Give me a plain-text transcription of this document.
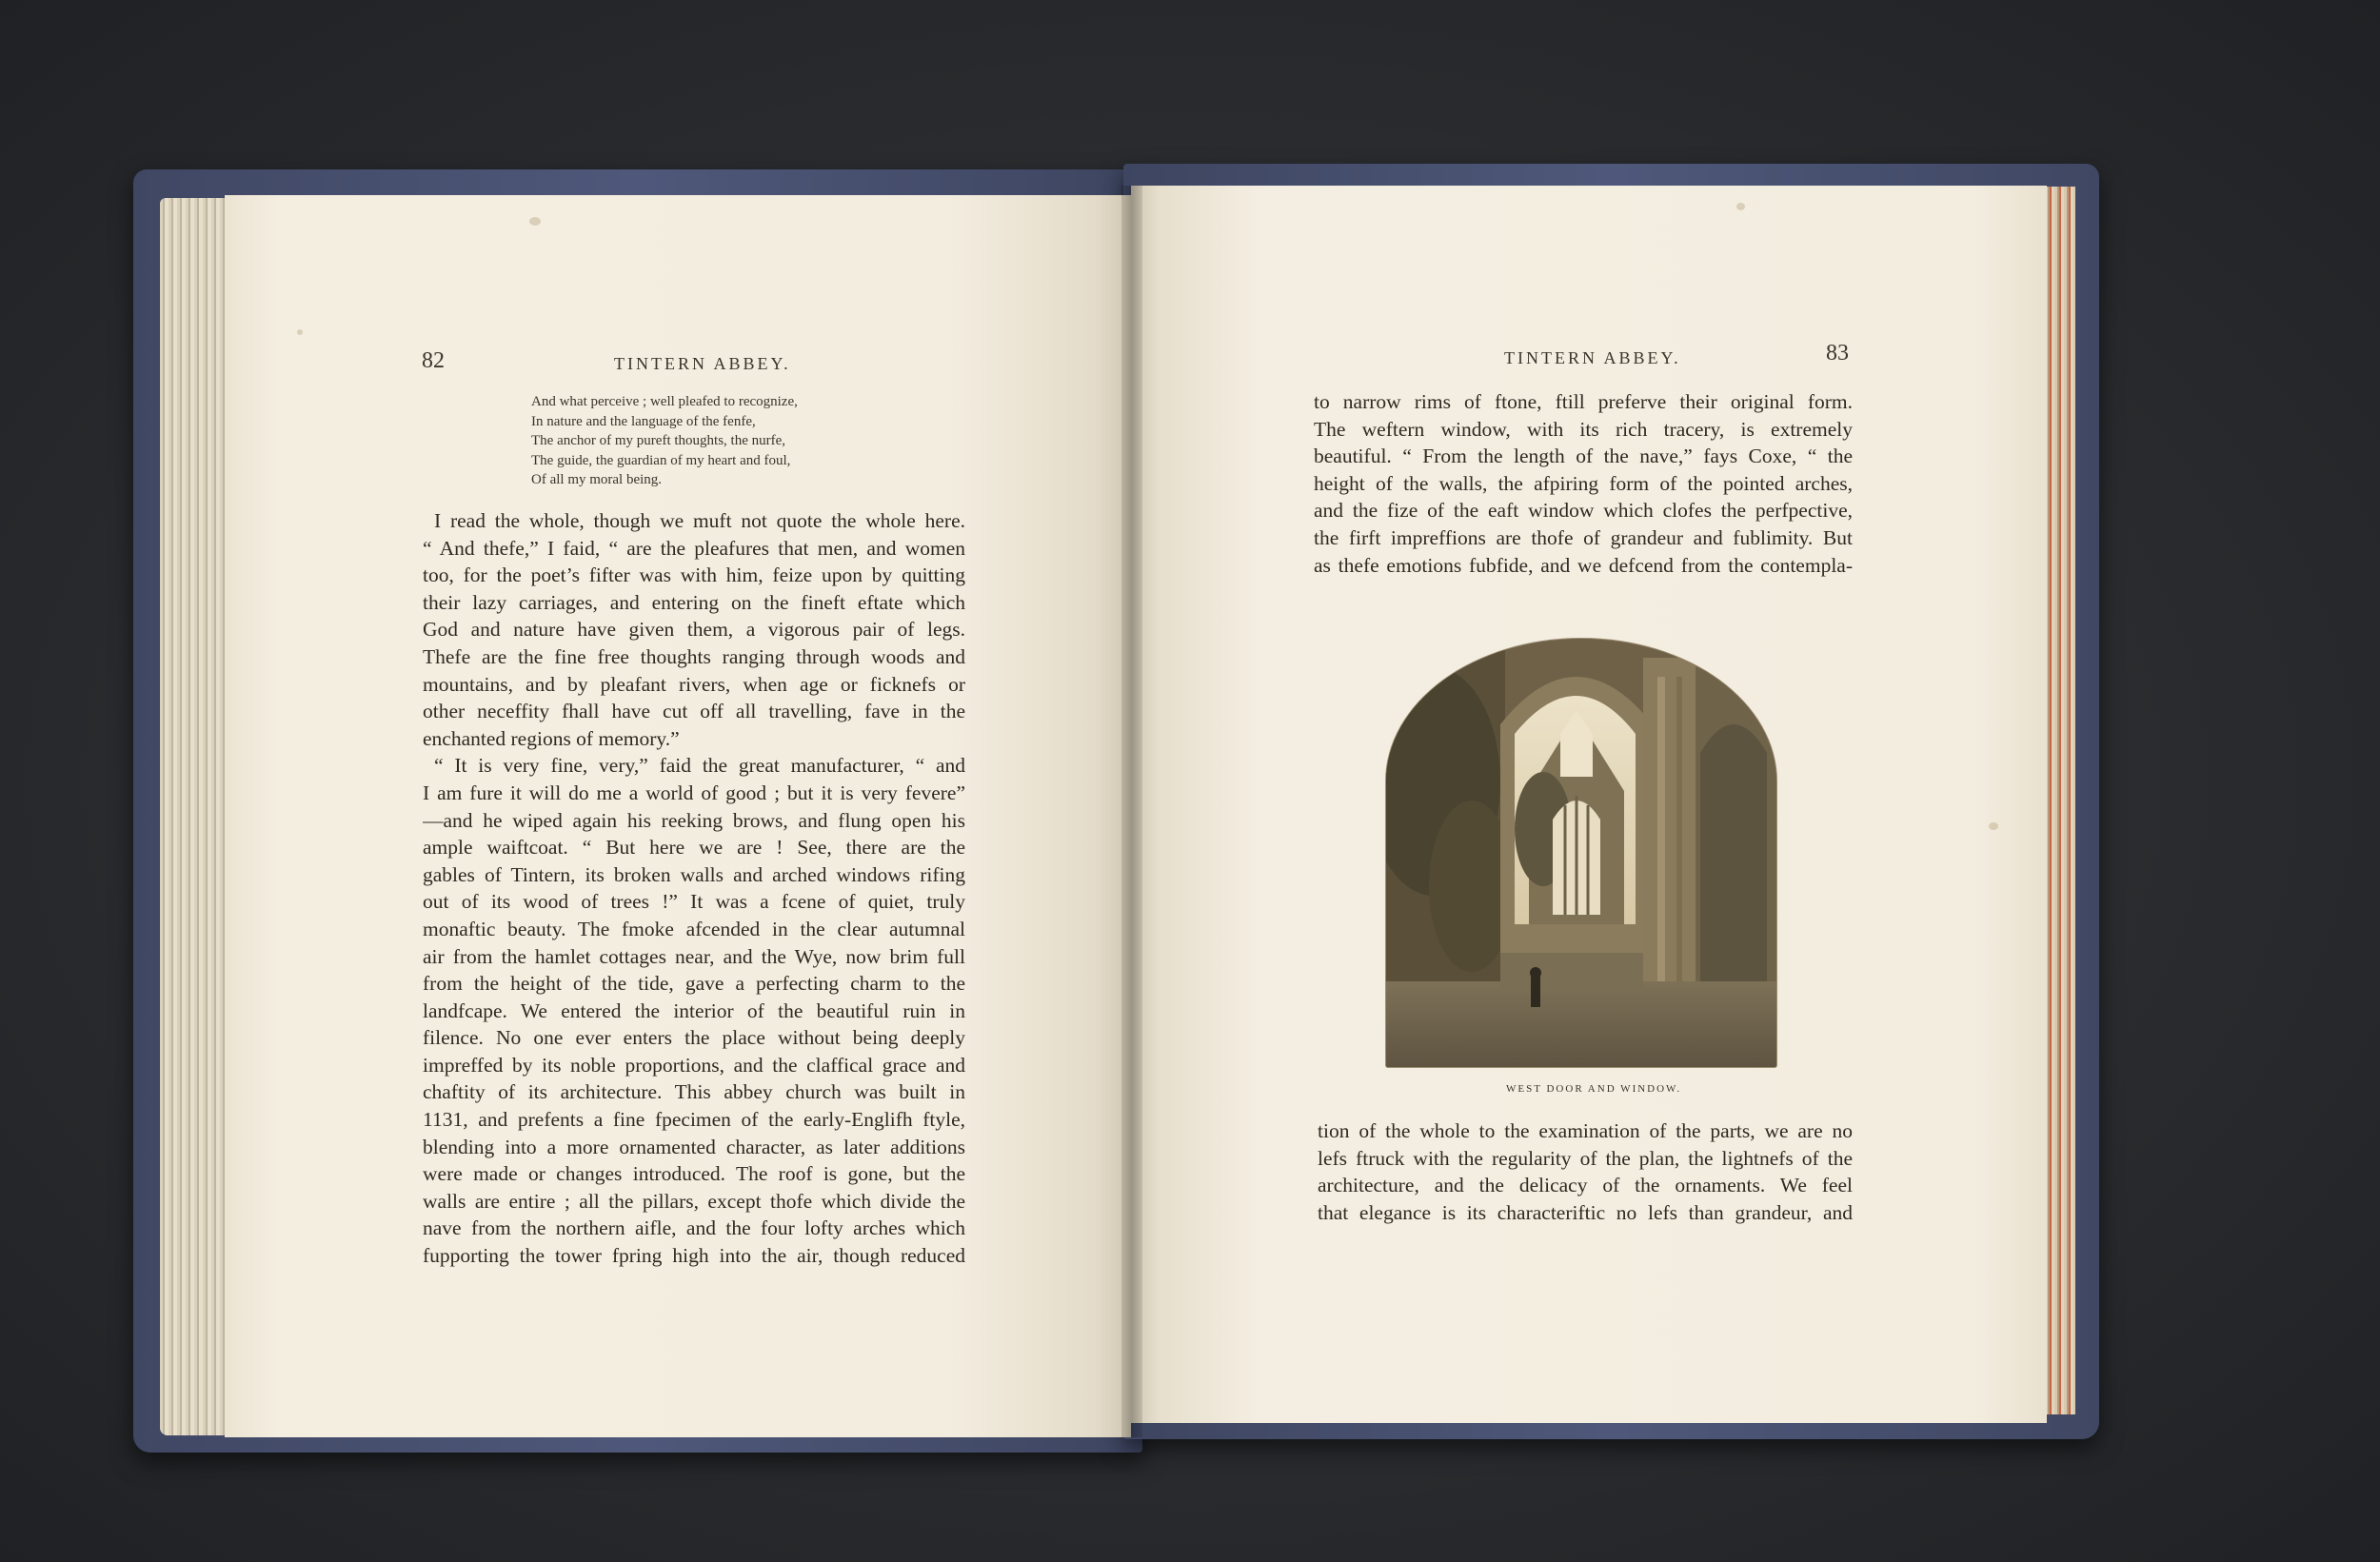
82	TINTERN ABBEY.
And what perceive ; well pleafed to recognize,
In nature and the language of the fenfe,
The anchor of my pureft thoughts, the nurfe,
The guide, the guardian of my heart and foul,
Of all my moral being.
I read the whole, though we muft not quote the whole here.
“ And thefe,” I faid, “ are the pleafures that men, and women
too, for the poet’s fifter was with him, feize upon by quitting
their lazy carriages, and entering on the fineft eftate which
God and nature have given them, a vigorous pair of legs.
Thefe are the fine free thoughts ranging through woods and
mountains, and by pleafant rivers, when age or ficknefs or
other neceffity fhall have cut off all travelling, fave in the
enchanted regions of memory.”
“ It is very fine, very,” faid the great manufacturer, “ and
I am fure it will do me a world of good ; but it is very fevere”
—and he wiped again his reeking brows, and flung open his
ample waiftcoat. “ But here we are ! See, there are the
gables of Tintern, its broken walls and arched windows rifing
out of its wood of trees !” It was a fcene of quiet, truly
monaftic beauty. The fmoke afcended in the clear autumnal
air from the hamlet cottages near, and the Wye, now brim full
from the height of the tide, gave a perfecting charm to the
landfcape. We entered the interior of the beautiful ruin in
filence. No one ever enters the place without being deeply
impreffed by its noble proportions, and the claffical grace and
chaftity of its architecture. This abbey church was built in
1131, and prefents a fine fpecimen of the early-Englifh ftyle,
blending into a more ornamented character, as later additions
were made or changes introduced. The roof is gone, but the
walls are entire ; all the pillars, except thofe which divide the
nave from the northern aifle, and the four lofty arches which
fupporting the tower fpring high into the air, though reduced
TINTERN ABBEY.	83
to narrow rims of ftone, ftill preferve their original form.
The weftern window, with its rich tracery, is extremely
beautiful. “ From the length of the nave,” fays Coxe, “ the
height of the walls, the afpiring form of the pointed arches,
and the fize of the eaft window which clofes the perfpective,
the firft impreffions are thofe of grandeur and fublimity. But
as thefe emotions fubfide, and we defcend from the contempla-
WEST DOOR AND WINDOW.
tion of the whole to the examination of the parts, we are no
lefs ftruck with the regularity of the plan, the lightnefs of the
architecture, and the delicacy of the ornaments. We feel
that elegance is its characteriftic no lefs than grandeur, and
